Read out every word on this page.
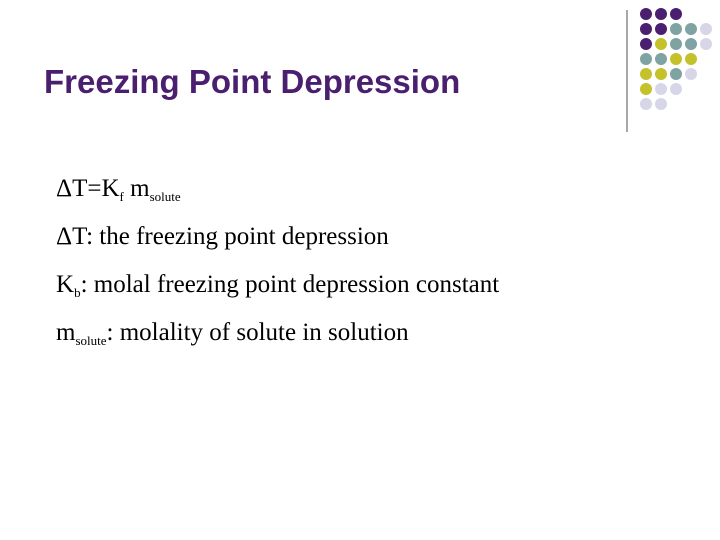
Freezing Point Depression
$\Delta T=K_f$ $m_{solute}$
ΔT: the freezing point depression
$K_b$: molal freezing point depression constant
$m_{solute}$: molality of solute in solution
